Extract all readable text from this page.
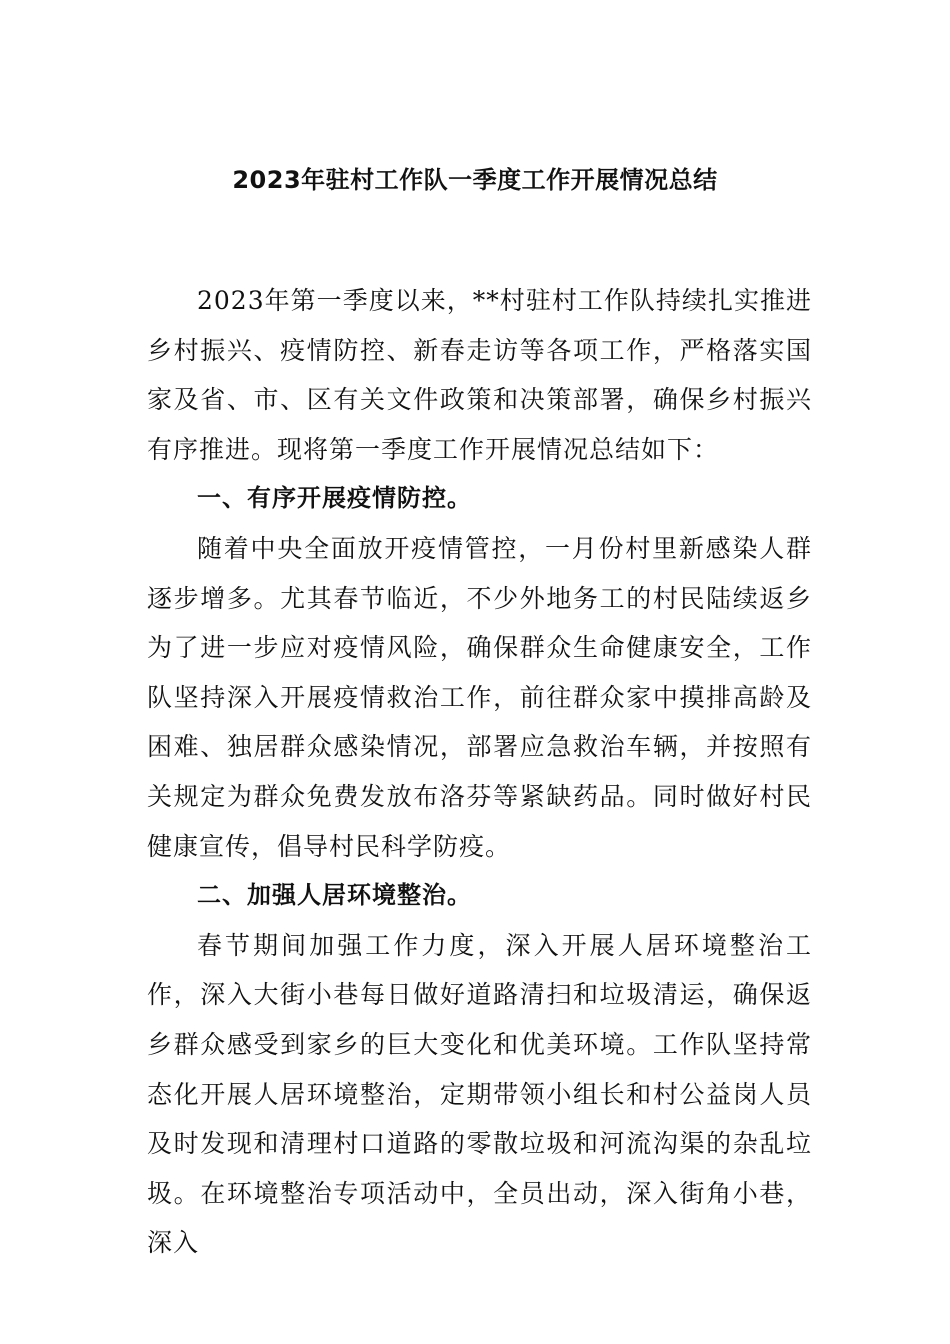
2023年驻村工作队一季度工作开展情况总结

2023年第一季度以来，**村驻村工作队持续扎实推进乡村振兴、疫情防控、新春走访等各项工作，严格落实国家及省、市、区有关文件政策和决策部署，确保乡村振兴有序推进。现将第一季度工作开展情况总结如下：

一、有序开展疫情防控。

随着中央全面放开疫情管控，一月份村里新感染人群逐步增多。尤其春节临近，不少外地务工的村民陆续返乡为了进一步应对疫情风险，确保群众生命健康安全，工作队坚持深入开展疫情救治工作，前往群众家中摸排高龄及困难、独居群众感染情况，部署应急救治车辆，并按照有关规定为群众免费发放布洛芬等紧缺药品。同时做好村民健康宣传，倡导村民科学防疫。

二、加强人居环境整治。

春节期间加强工作力度，深入开展人居环境整治工作，深入大街小巷每日做好道路清扫和垃圾清运，确保返乡群众感受到家乡的巨大变化和优美环境。工作队坚持常态化开展人居环境整治，定期带领小组长和村公益岗人员及时发现和清理村口道路的零散垃圾和河流沟渠的杂乱垃圾。在环境整治专项活动中，全员出动，深入街角小巷，深入
